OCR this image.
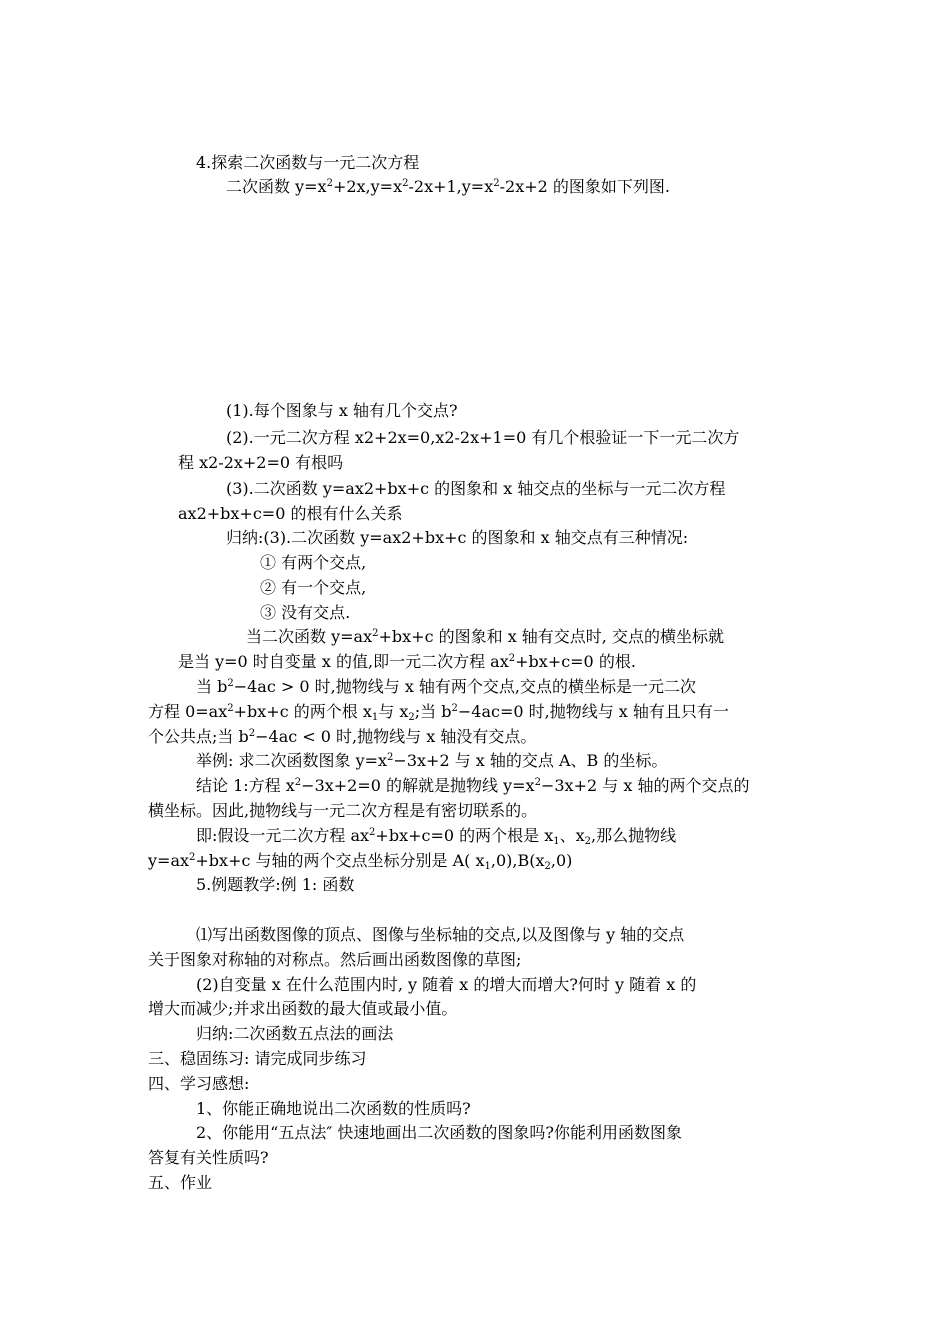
4.探索二次函数与一元二次方程
二次函数 $y=x^2+2x,y=x^2-2x+1,y=x^2-2x+2$ 的图象如下列图.
(1).每个图象与 x 轴有几个交点?
(2).一元二次方程 x2+2x=0,x2-2x+1=0 有几个根验证一下一元二次方
程 x2-2x+2=0 有根吗
(3).二次函数 y=ax2+bx+c 的图象和 x 轴交点的坐标与一元二次方程
ax2+bx+c=0 的根有什么关系
归纳:(3).二次函数 y=ax2+bx+c 的图象和 x 轴交点有三种情况:
① 有两个交点,
② 有一个交点,
③ 没有交点.
当二次函数 $y=ax^2+bx+c$ 的图象和 x 轴有交点时, 交点的横坐标就
是当 y=0 时自变量 x 的值,即一元二次方程 $ax^2+bx+c=0$ 的根.
当 $b^2-4ac > 0$ 时,抛物线与 x 轴有两个交点,交点的横坐标是一元二次
方程 $0=ax^2+bx+c$ 的两个根 $x_1$与 $x_2$;当 $b^2-4ac=0$ 时,抛物线与 x 轴有且只有一
个公共点;当 $b^2-4ac < 0$ 时,抛物线与 x 轴没有交点。
举例: 求二次函数图象 $y=x^2-3x+2$ 与 x 轴的交点 A、B 的坐标。
结论 1:方程 $x^2-3x+2=0$ 的解就是抛物线 $y=x^2-3x+2$ 与 x 轴的两个交点的
横坐标。因此,抛物线与一元二次方程是有密切联系的。
即:假设一元二次方程 $ax^2+bx+c=0$ 的两个根是 $x_1$、$x_2$,那么抛物线
$y=ax^2+bx+c$ 与轴的两个交点坐标分别是 A( $x_1,0),B(x_2,0)$
5.例题教学:例 1: 函数
⑴写出函数图像的顶点、图像与坐标轴的交点,以及图像与 y 轴的交点
关于图象对称轴的对称点。然后画出函数图像的草图;
(2)自变量 x 在什么范围内时, y 随着 x 的增大而增大?何时 y 随着 x 的
增大而减少;并求出函数的最大值或最小值。
归纳:二次函数五点法的画法
三、稳固练习: 请完成同步练习
四、学习感想:
1、你能正确地说出二次函数的性质吗?
2、你能用“五点法″ 快速地画出二次函数的图象吗?你能利用函数图象
答复有关性质吗?
五、作业
